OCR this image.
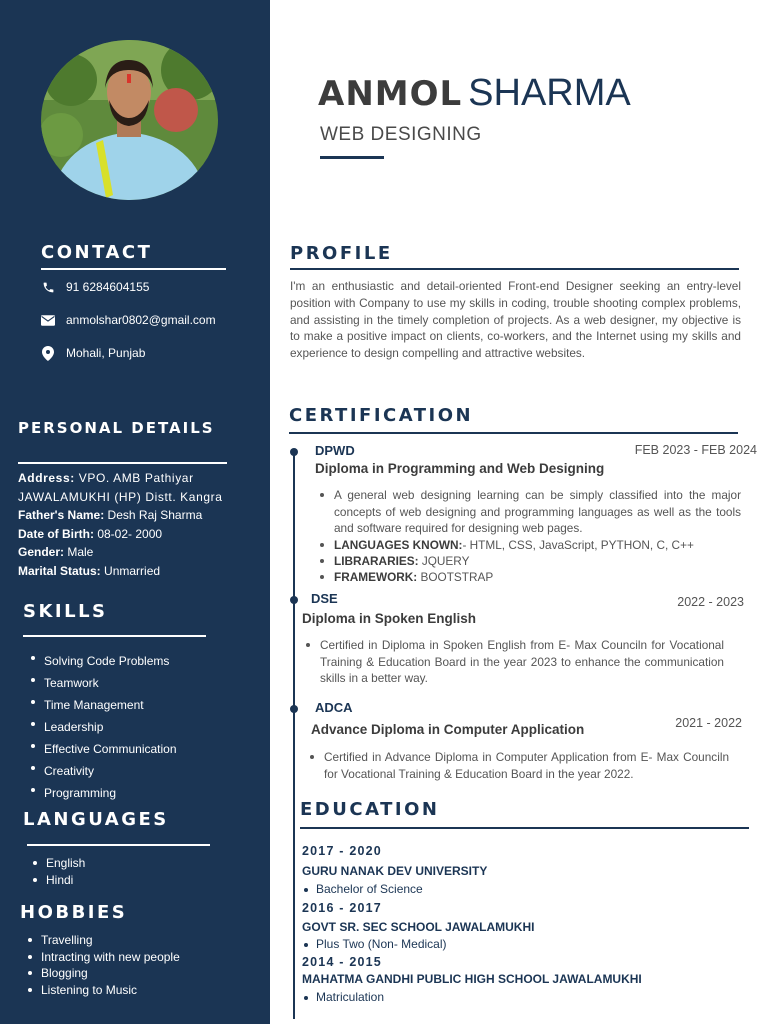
CONTACT
91 6284604155
anmolshar0802@gmail.com
Mohali, Punjab
PERSONAL DETAILS
Address: VPO. AMB Pathiyar JAWALAMUKHI (HP) Distt. Kangra
Father's Name: Desh Raj Sharma
Date of Birth: 08-02- 2000
Gender: Male
Marital Status: Unmarried
SKILLS
Solving Code Problems
Teamwork
Time Management
Leadership
Effective Communication
Creativity
Programming
LANGUAGES
English
Hindi
HOBBIES
Travelling
Intracting with new people
Blogging
Listening to Music
ANMOL SHARMA
WEB DESIGNING
PROFILE
I'm an enthusiastic and detail-oriented Front-end Designer seeking an entry-level position with Company to use my skills in coding, trouble shooting complex problems, and assisting in the timely completion of projects. As a web designer, my objective is to make a positive impact on clients, co-workers, and the Internet using my skills and experience to design compelling and attractive websites.
CERTIFICATION
DPWD	FEB 2023 - FEB 2024
Diploma in Programming and Web Designing
A general web designing learning can be simply classified into the major concepts of web designing and programming languages as well as the tools and software required for designing web pages.
LANGUAGES KNOWN:- HTML, CSS, JavaScript, PYTHON, C, C++
LIBRARARIES: JQUERY
FRAMEWORK: BOOTSTRAP
DSE	2022 - 2023
Diploma in Spoken English
Certified in Diploma in Spoken English from E- Max Counciln for Vocational Training & Education Board in the year 2023 to enhance the communication skills in a better way.
ADCA
2021 - 2022
Advance Diploma in Computer Application
Certified in Advance Diploma in Computer Application from E- Max Counciln for Vocational Training & Education Board in the year 2022.
EDUCATION
2017 - 2020
GURU NANAK DEV UNIVERSITY
Bachelor of Science
2016 - 2017
GOVT SR. SEC SCHOOL JAWALAMUKHI
Plus Two (Non- Medical)
2014 - 2015
MAHATMA GANDHI PUBLIC HIGH SCHOOL JAWALAMUKHI
Matriculation
